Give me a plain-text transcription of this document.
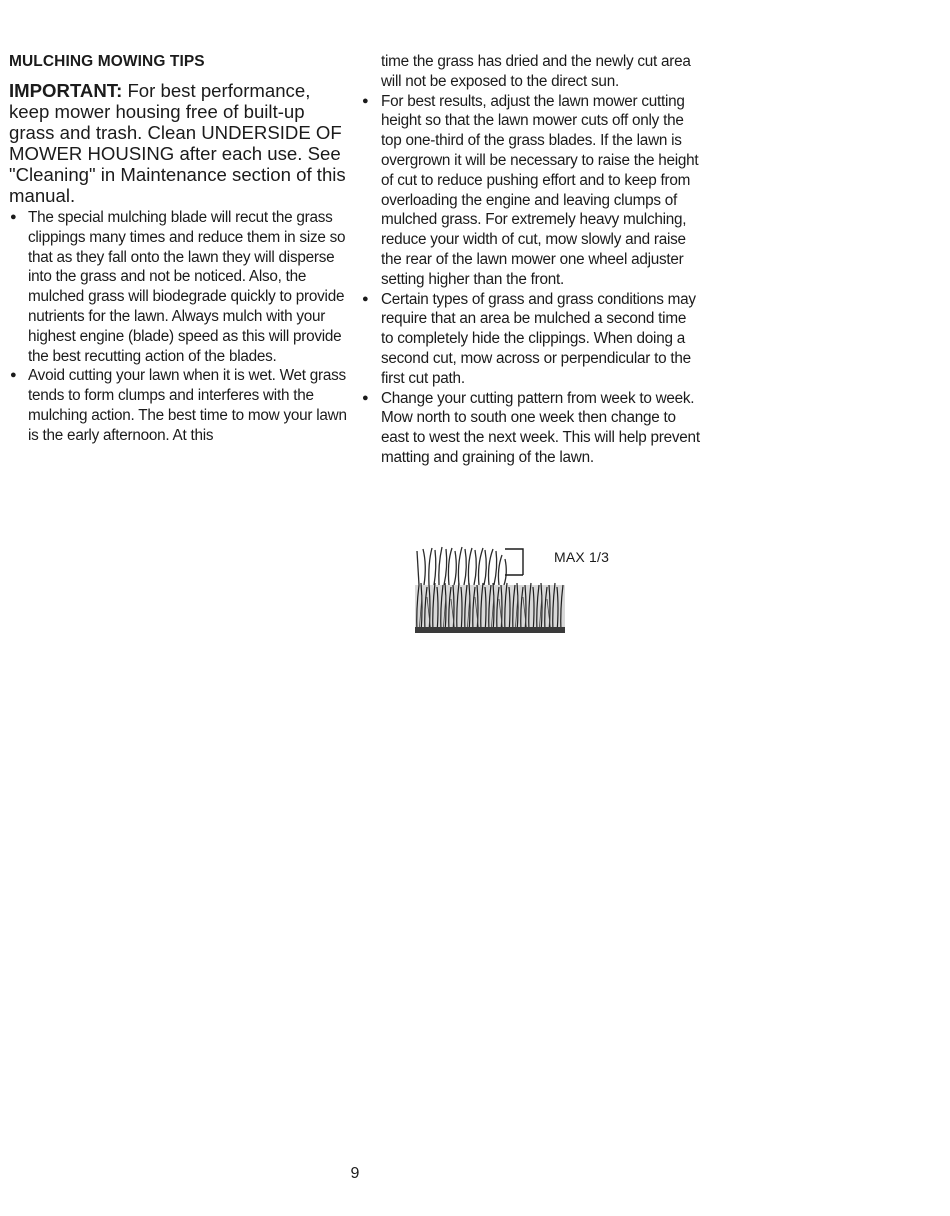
MULCHING MOWING TIPS
IMPORTANT: For best performance, keep mower housing free of built-up grass and trash. Clean UNDERSIDE OF MOWER HOUSING after each use. See "Cleaning" in Maintenance section of this manual.
● The special mulching blade will recut the grass clippings many times and reduce them in size so that as they fall onto the lawn they will disperse into the grass and not be noticed. Also, the mulched grass will biodegrade quickly to provide nutrients for the lawn. Always mulch with your highest engine (blade) speed as this will provide the best recutting action of the blades.
● Avoid cutting your lawn when it is wet. Wet grass tends to form clumps and interferes with the mulching action. The best time to mow your lawn is the early afternoon. At this
time the grass has dried and the newly cut area will not be exposed to the direct sun.
● For best results, adjust the lawn mower cutting height so that the lawn mower cuts off only the top one-third of the grass blades. If the lawn is overgrown it will be necessary to raise the height of cut to reduce pushing effort and to keep from overloading the engine and leaving clumps of mulched grass. For extremely heavy mulching, reduce your width of cut, mow slowly and raise the rear of the lawn mower one wheel adjuster setting higher than the front.
● Certain types of grass and grass conditions may require that an area be mulched a second time to completely hide the clippings. When doing a second cut, mow across or perpendicular to the first cut path.
● Change your cutting pattern from week to week. Mow north to south one week then change to east to west the next week. This will help prevent matting and graining of the lawn.
MAX 1/3
9
